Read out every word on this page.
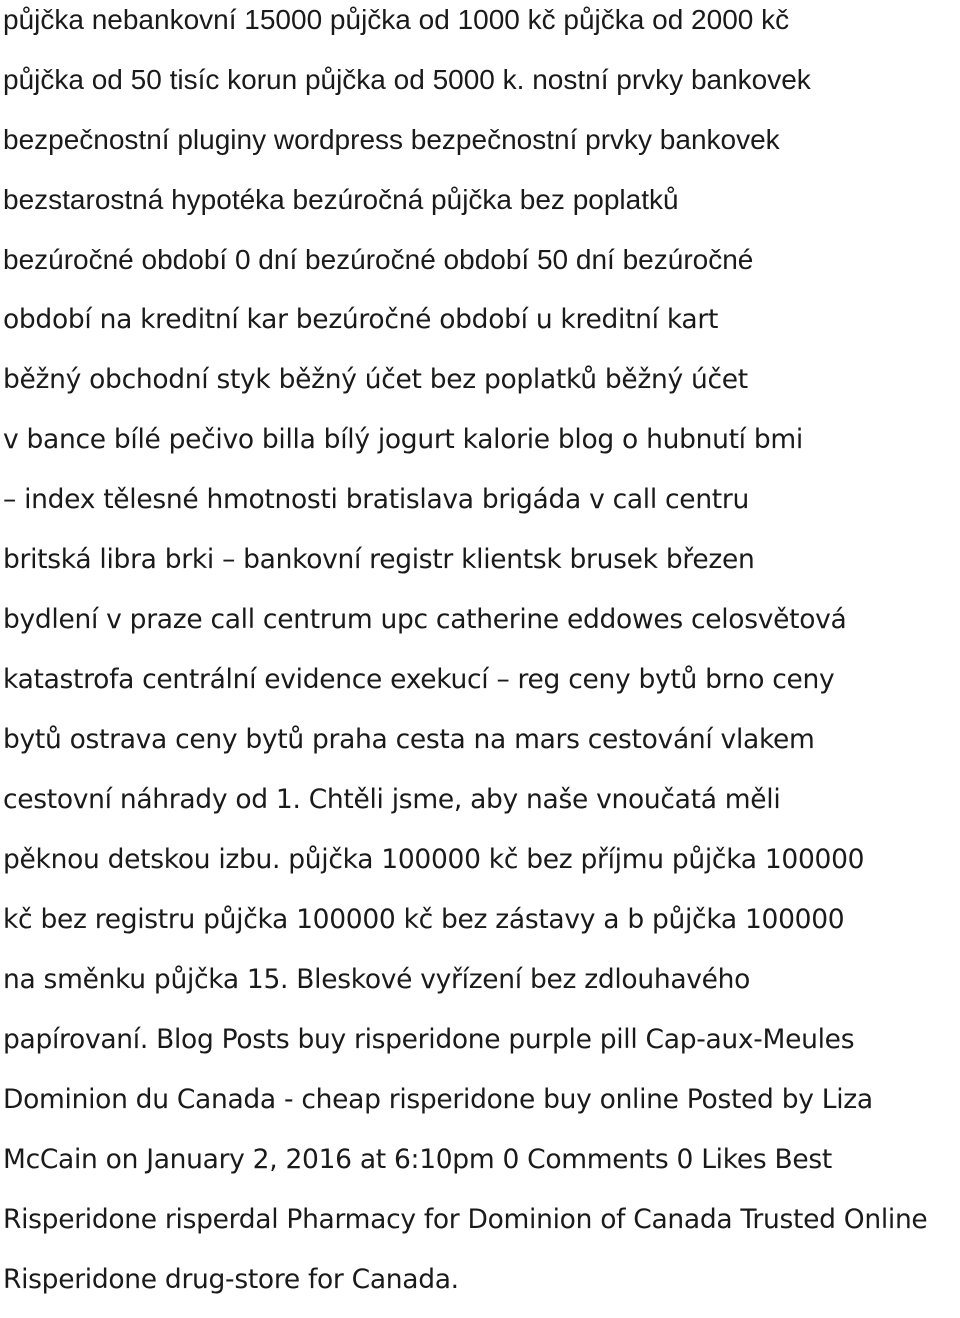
půjčka nebankovní 15000 půjčka od 1000 kč půjčka od 2000 kč
půjčka od 50 tisíc korun půjčka od 5000 k. nostní prvky bankovek
bezpečnostní pluginy wordpress bezpečnostní prvky bankovek
bezstarostná hypotéka bezúročná půjčka bez poplatků
bezúročné období 0 dní bezúročné období 50 dní bezúročné
období na kreditní kar bezúročné období u kreditní kart
běžný obchodní styk běžný účet bez poplatků běžný účet
v bance bílé pečivo billa bílý jogurt kalorie blog o hubnutí bmi
– index tělesné hmotnosti bratislava brigáda v call centru
britská libra brki – bankovní registr klientsk brusek březen
bydlení v praze call centrum upc catherine eddowes celosvětová
katastrofa centrální evidence exekucí – reg ceny bytů brno ceny
bytů ostrava ceny bytů praha cesta na mars cestování vlakem
cestovní náhrady od 1. Chtěli jsme, aby naše vnoučatá měli
pěknou detskou izbu. půjčka 100000 kč bez příjmu půjčka 100000
kč bez registru půjčka 100000 kč bez zástavy a b půjčka 100000
na směnku půjčka 15. Bleskové vyřízení bez zdlouhavého
papírovaní. Blog Posts buy risperidone purple pill Cap-aux-Meules
Dominion du Canada - cheap risperidone buy online Posted by Liza
McCain on January 2, 2016 at 6:10pm 0 Comments 0 Likes Best
Risperidone risperdal Pharmacy for Dominion of Canada Trusted Online
Risperidone drug-store for Canada.
